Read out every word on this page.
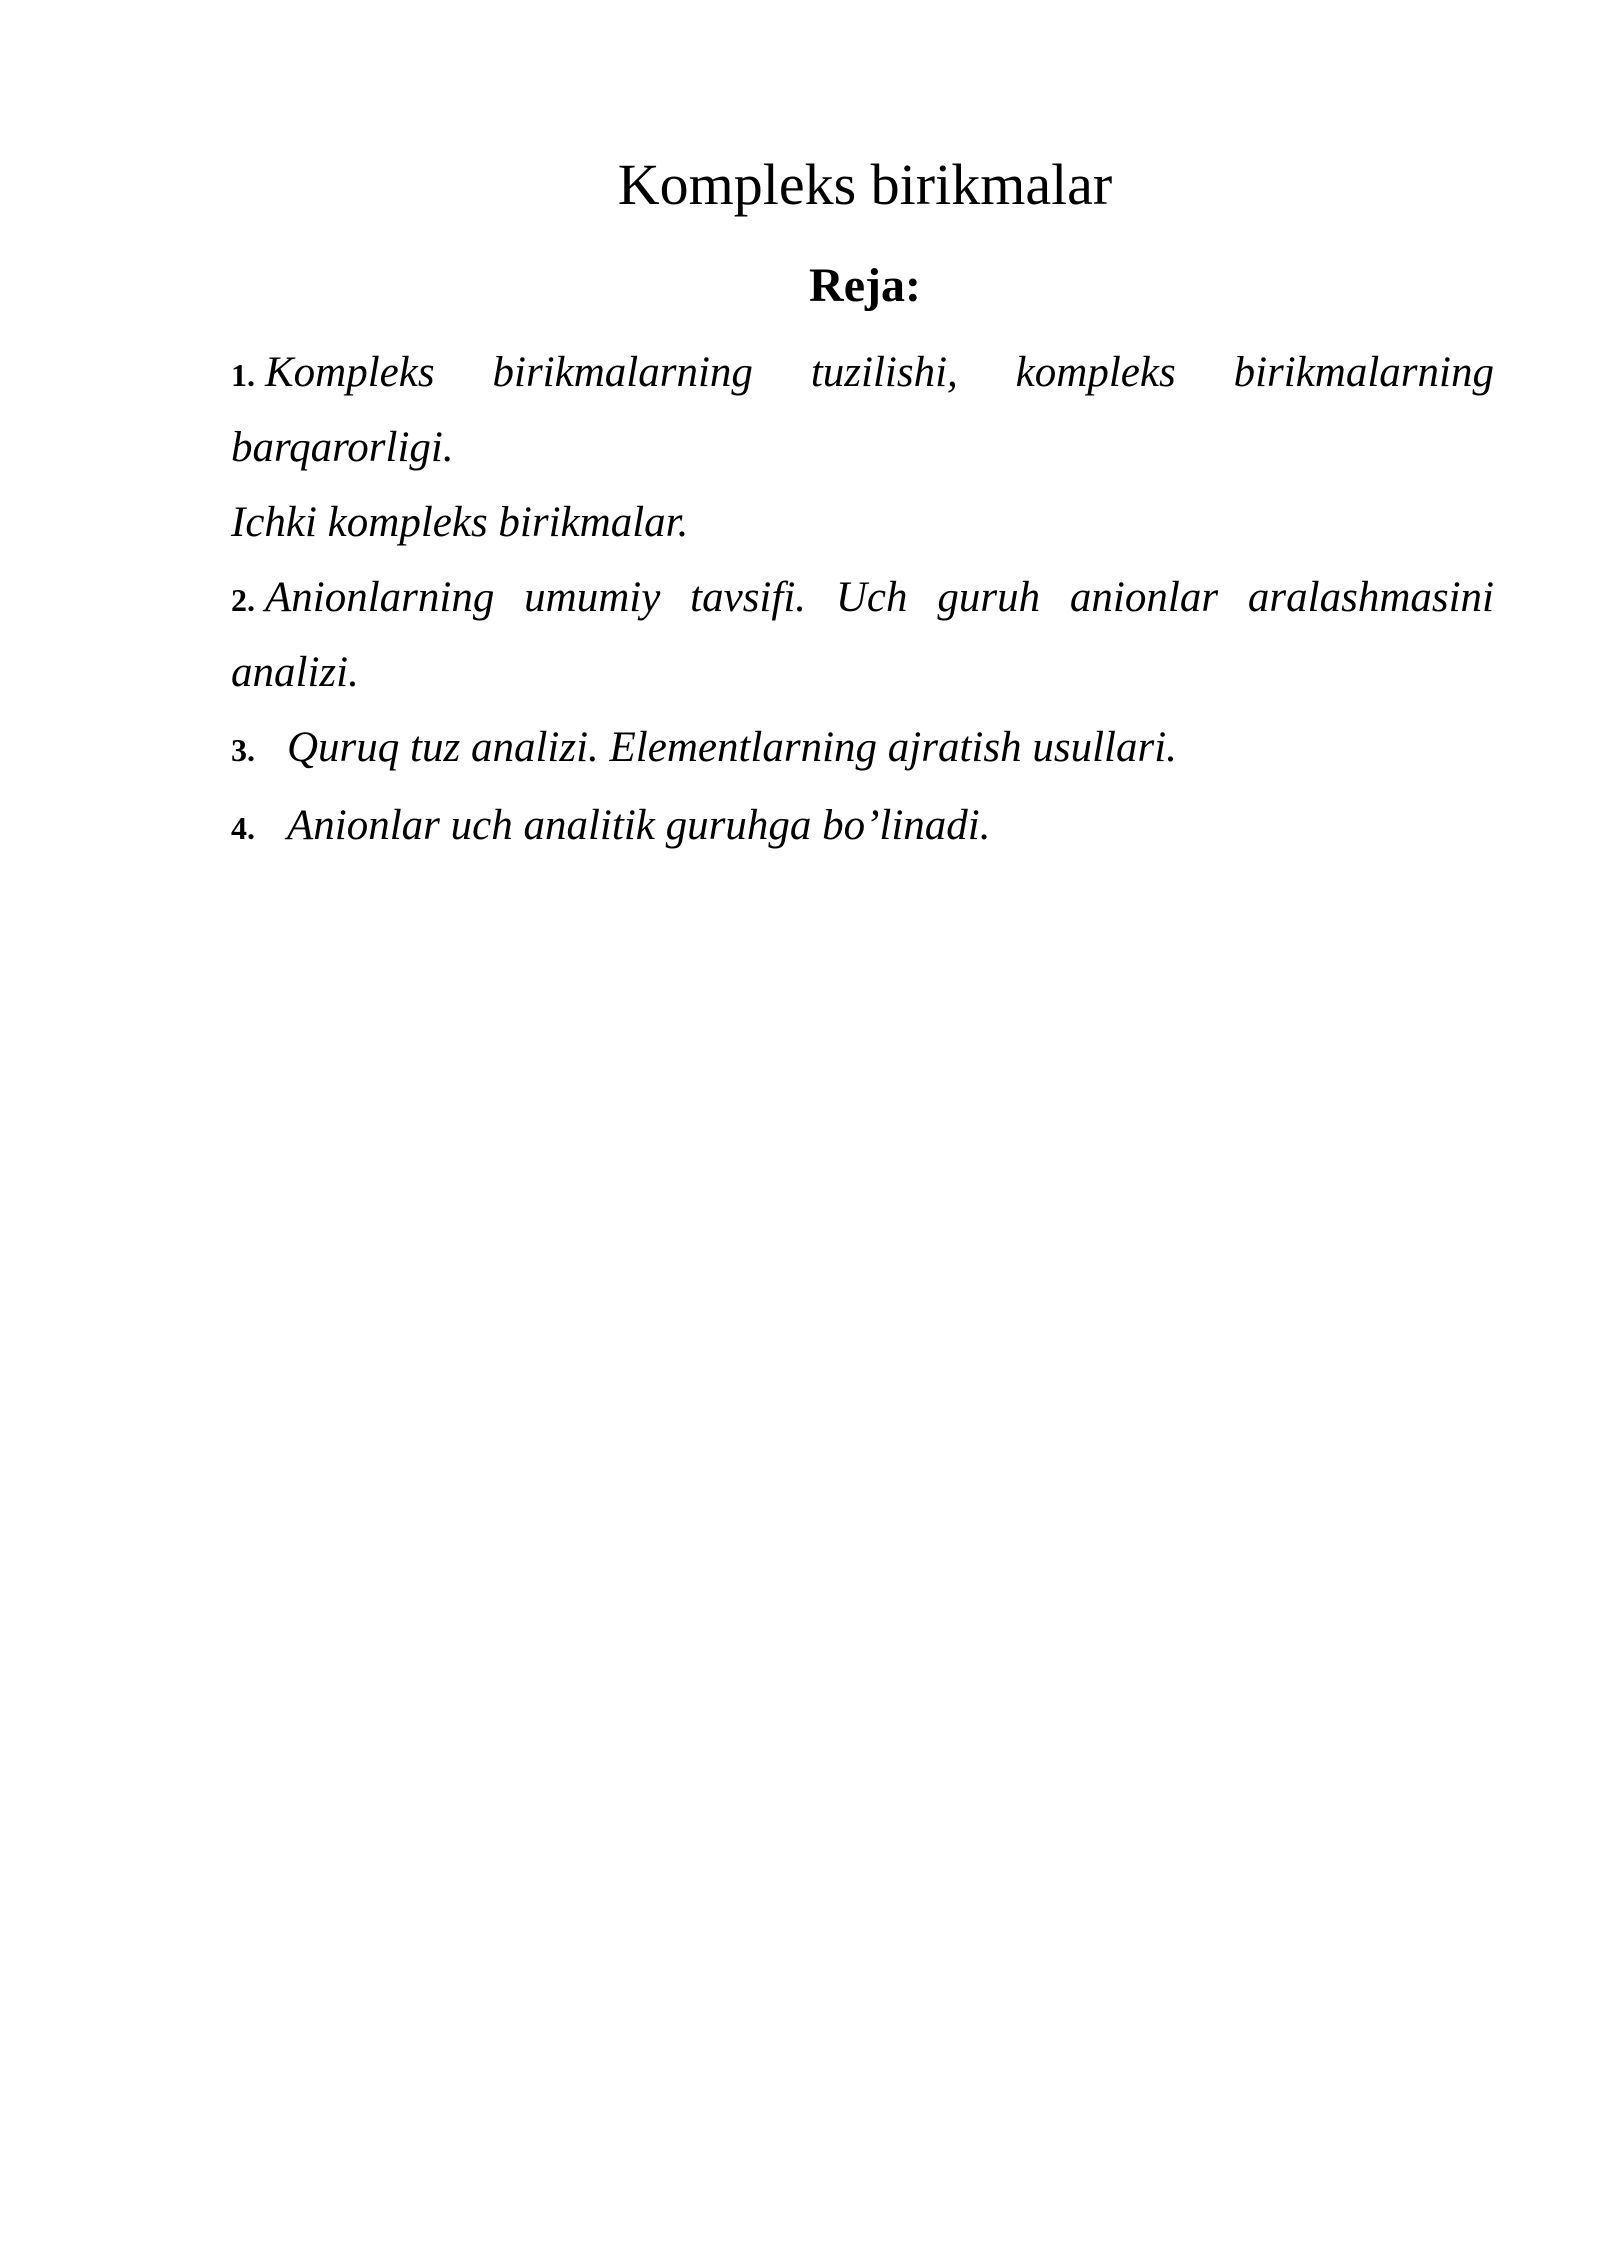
Kompleks birikmalar
Reja:
1. Kompleks birikmalarning tuzilishi, kompleks birikmalarning
barqarorligi.
Ichki kompleks birikmalar.
2. Anionlarning umumiy tavsifi. Uch guruh anionlar aralashmasini
analizi.
3. Quruq tuz analizi. Elementlarning ajratish usullari.
4. Anionlar uch analitik guruhga bo’linadi.
